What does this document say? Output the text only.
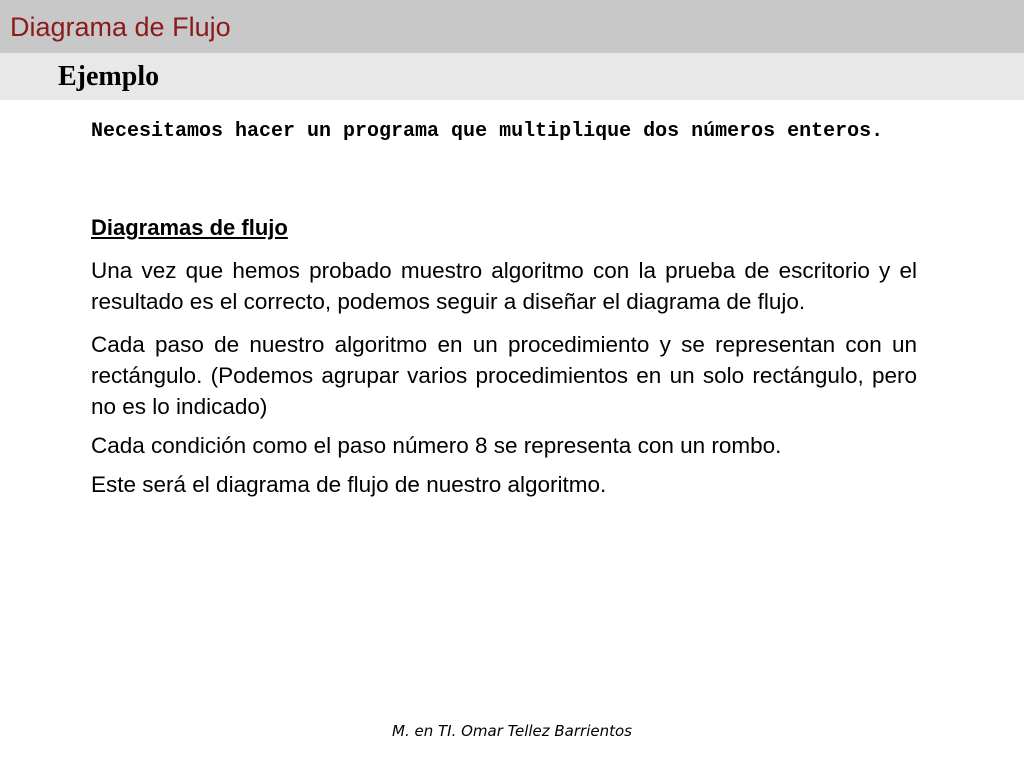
Diagrama de Flujo
Ejemplo

Necesitamos hacer un programa que multiplique dos números enteros.

Diagramas de flujo

Una vez que hemos probado muestro algoritmo con la prueba de escritorio y el resultado es el correcto, podemos seguir a diseñar el diagrama de flujo.

Cada paso de nuestro algoritmo en un procedimiento y se representan con un rectángulo. (Podemos agrupar varios procedimientos en un solo rectángulo, pero no es lo indicado)

Cada condición como el paso número 8 se representa con un rombo.

Este será el diagrama de flujo de nuestro algoritmo.

M. en TI. Omar Tellez Barrientos
